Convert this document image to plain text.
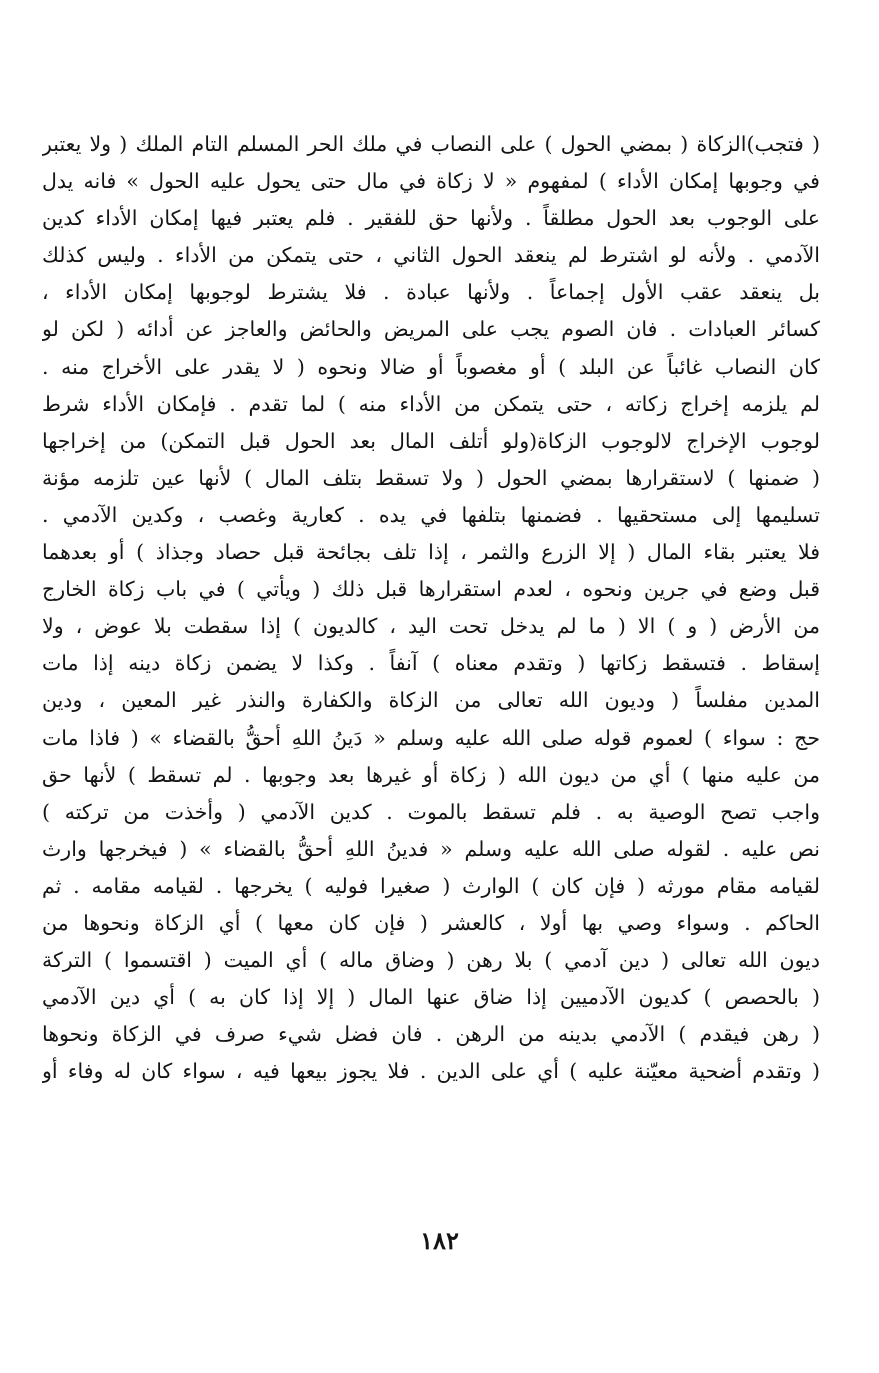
( فتجب)الزكاة ( بمضي الحول ) على النصاب في ملك الحر المسلم التام الملك ( ولا يعتبر
في وجوبها إمكان الأداء ) لمفهوم « لا زكاة في مال حتى يحول عليه الحول » فانه يدل
على الوجوب بعد الحول مطلقاً . ولأنها حق للفقير . فلم يعتبر فيها إمكان الأداء كدين
الآدمي . ولأنه لو اشترط لم ينعقد الحول الثاني ، حتى يتمكن من الأداء . وليس كذلك
بل ينعقد عقب الأول إجماعاً . ولأنها عبادة . فلا يشترط لوجوبها إمكان الأداء ،
كسائر العبادات . فان الصوم يجب على المريض والحائض والعاجز عن أدائه ( لكن لو
كان النصاب غائباً عن البلد ) أو مغصوباً أو ضالا ونحوه ( لا يقدر على الأخراج منه .
لم يلزمه إخراج زكاته ، حتى يتمكن من الأداء منه ) لما تقدم . فإمكان الأداء شرط
لوجوب الإخراج لالوجوب الزكاة(ولو أتلف المال بعد الحول قبل التمكن) من إخراجها
( ضمنها ) لاستقرارها بمضي الحول ( ولا تسقط بتلف المال ) لأنها عين تلزمه مؤنة
تسليمها إلى مستحقيها . فضمنها بتلفها في يده . كعارية وغصب ، وكدين الآدمي .
فلا يعتبر بقاء المال ( إلا الزرع والثمر ، إذا تلف بجائحة قبل حصاد وجذاذ ) أو بعدهما
قبل وضع في جرين ونحوه ، لعدم استقرارها قبل ذلك ( ويأتي ) في باب زكاة الخارج
من الأرض ( و ) الا ( ما لم يدخل تحت اليد ، كالديون ) إذا سقطت بلا عوض ، ولا
إسقاط . فتسقط زكاتها ( وتقدم معناه ) آنفاً . وكذا لا يضمن زكاة دينه إذا مات
المدين مفلساً ( وديون الله تعالى من الزكاة والكفارة والنذر غير المعين ، ودين
حج : سواء ) لعموم قوله صلى الله عليه وسلم « دَينُ اللهِ أحقُّ بالقضاء » ( فاذا مات
من عليه منها ) أي من ديون الله ( زكاة أو غيرها بعد وجوبها . لم تسقط ) لأنها حق
واجب تصح الوصية به . فلم تسقط بالموت . كدين الآدمي ( وأخذت من تركته )
نص عليه . لقوله صلى الله عليه وسلم « فدينُ اللهِ أحقُّ بالقضاء » ( فيخرجها وارث
لقيامه مقام مورثه ( فإن كان ) الوارث ( صغيرا فوليه ) يخرجها . لقيامه مقامه . ثم
الحاكم . وسواء وصي بها أولا ، كالعشر ( فإن كان معها ) أي الزكاة ونحوها من
ديون الله تعالى ( دين آدمي ) بلا رهن ( وضاق ماله ) أي الميت ( اقتسموا ) التركة
( بالحصص ) كديون الآدميين إذا ضاق عنها المال ( إلا إذا كان به ) أي دين الآدمي
( رهن فيقدم ) الآدمي بدينه من الرهن . فان فضل شيء صرف في الزكاة ونحوها
( وتقدم أضحية معيّنة عليه ) أي على الدين . فلا يجوز بيعها فيه ، سواء كان له وفاء أو
١٨٢
